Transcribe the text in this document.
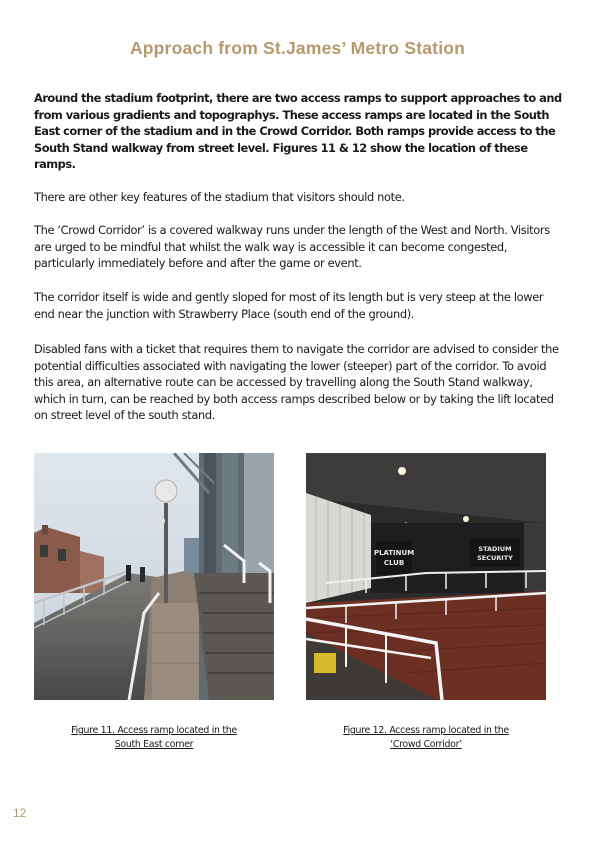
Approach from St.James’ Metro Station

Around the stadium footprint, there are two access ramps to support approaches to and from various gradients and topographys. These access ramps are located in the South East corner of the stadium and in the Crowd Corridor. Both ramps provide access to the South Stand walkway from street level. Figures 11 & 12 show the location of these ramps.

There are other key features of the stadium that visitors should note.

The ‘Crowd Corridor’ is a covered walkway runs under the length of the West and North. Visitors are urged to be mindful that whilst the walk way is accessible it can become congested, particularly immediately before and after the game or event.

The corridor itself is wide and gently sloped for most of its length but is very steep at the lower end near the junction with Strawberry Place (south end of the ground).

Disabled fans with a ticket that requires them to navigate the corridor are advised to consider the potential difficulties associated with navigating the lower (steeper) part of the corridor. To avoid this area, an alternative route can be accessed by travelling along the South Stand walkway, which in turn, can be reached by both access ramps described below or by taking the lift located on street level of the south stand.

PLATINUM
CLUB
STADIUM
SECURITY
Figure 11. Access ramp located in the
South East corner
Figure 12. Access ramp located in the
‘Crowd Corridor’
12
